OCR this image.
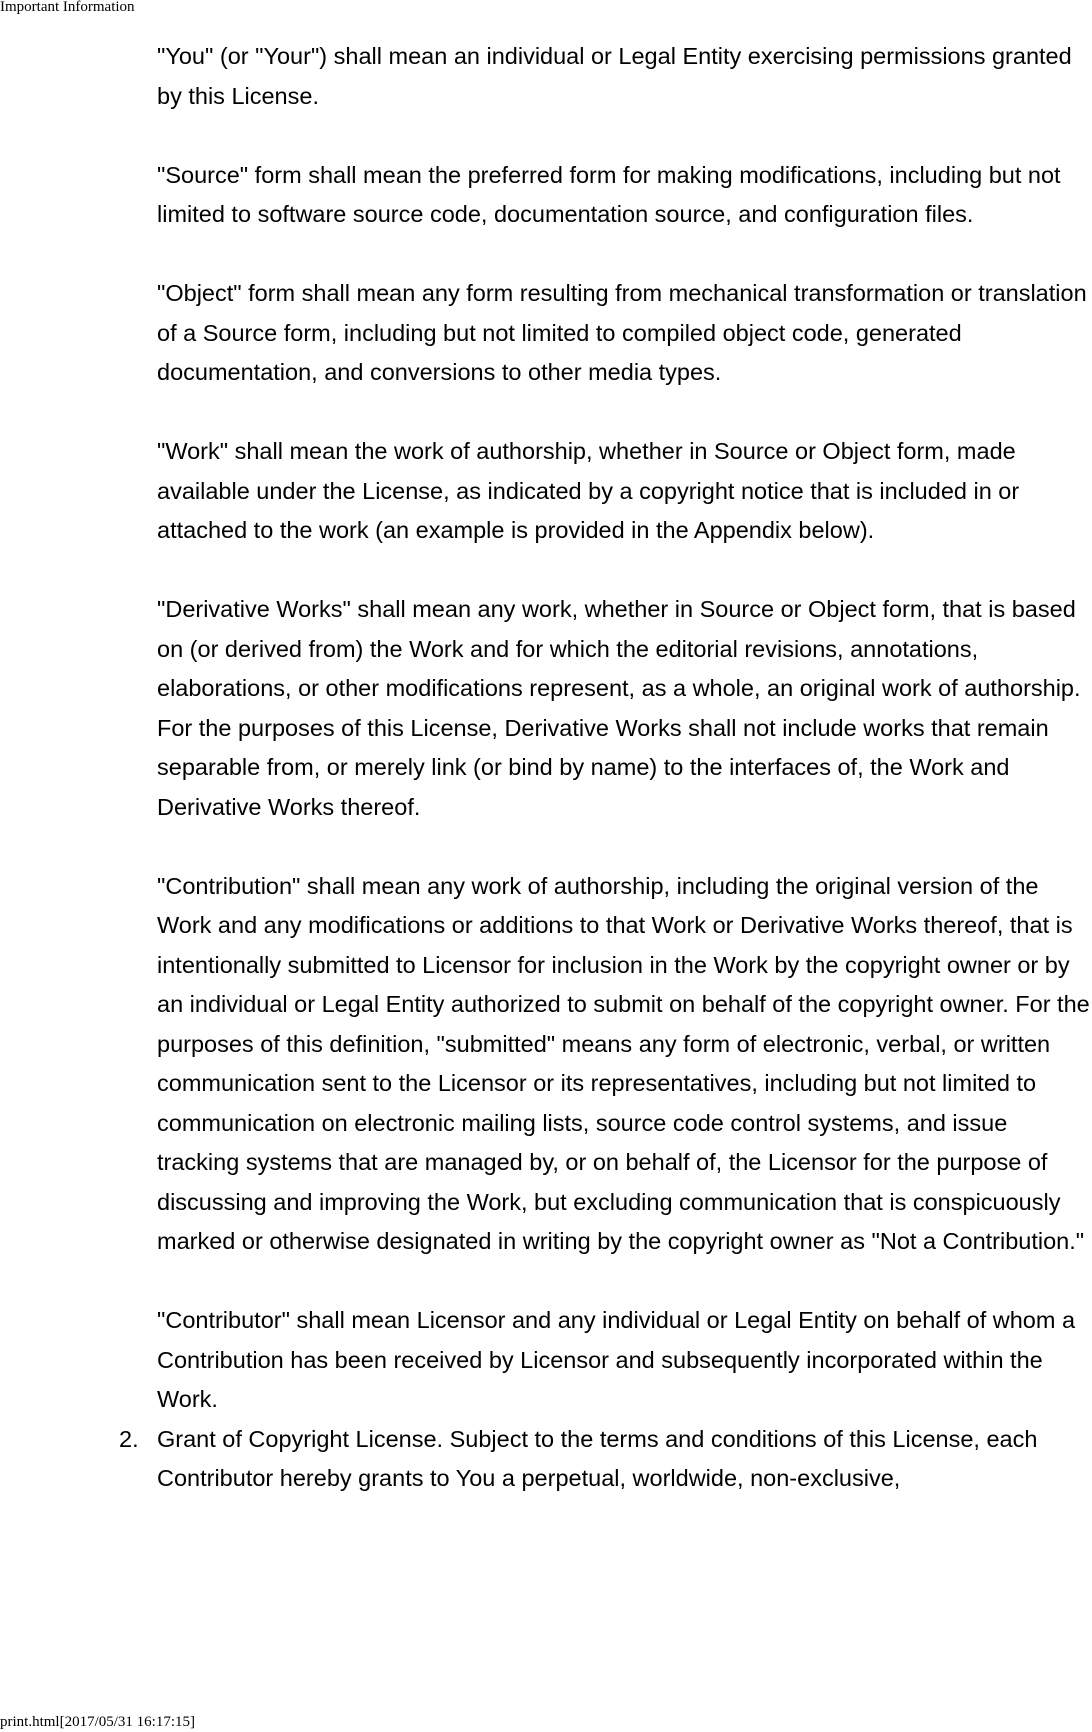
Important Information

"You" (or "Your") shall mean an individual or Legal Entity exercising permissions granted by this License.

"Source" form shall mean the preferred form for making modifications, including but not limited to software source code, documentation source, and configuration files.

"Object" form shall mean any form resulting from mechanical transformation or translation of a Source form, including but not limited to compiled object code, generated documentation, and conversions to other media types.

"Work" shall mean the work of authorship, whether in Source or Object form, made available under the License, as indicated by a copyright notice that is included in or attached to the work (an example is provided in the Appendix below).

"Derivative Works" shall mean any work, whether in Source or Object form, that is based on (or derived from) the Work and for which the editorial revisions, annotations, elaborations, or other modifications represent, as a whole, an original work of authorship. For the purposes of this License, Derivative Works shall not include works that remain separable from, or merely link (or bind by name) to the interfaces of, the Work and Derivative Works thereof.

"Contribution" shall mean any work of authorship, including the original version of the Work and any modifications or additions to that Work or Derivative Works thereof, that is intentionally submitted to Licensor for inclusion in the Work by the copyright owner or by an individual or Legal Entity authorized to submit on behalf of the copyright owner. For the purposes of this definition, "submitted" means any form of electronic, verbal, or written communication sent to the Licensor or its representatives, including but not limited to communication on electronic mailing lists, source code control systems, and issue tracking systems that are managed by, or on behalf of, the Licensor for the purpose of discussing and improving the Work, but excluding communication that is conspicuously marked or otherwise designated in writing by the copyright owner as "Not a Contribution."

"Contributor" shall mean Licensor and any individual or Legal Entity on behalf of whom a Contribution has been received by Licensor and subsequently incorporated within the Work.

2. Grant of Copyright License. Subject to the terms and conditions of this License, each Contributor hereby grants to You a perpetual, worldwide, non-exclusive,
print.html[2017/05/31 16:17:15]
